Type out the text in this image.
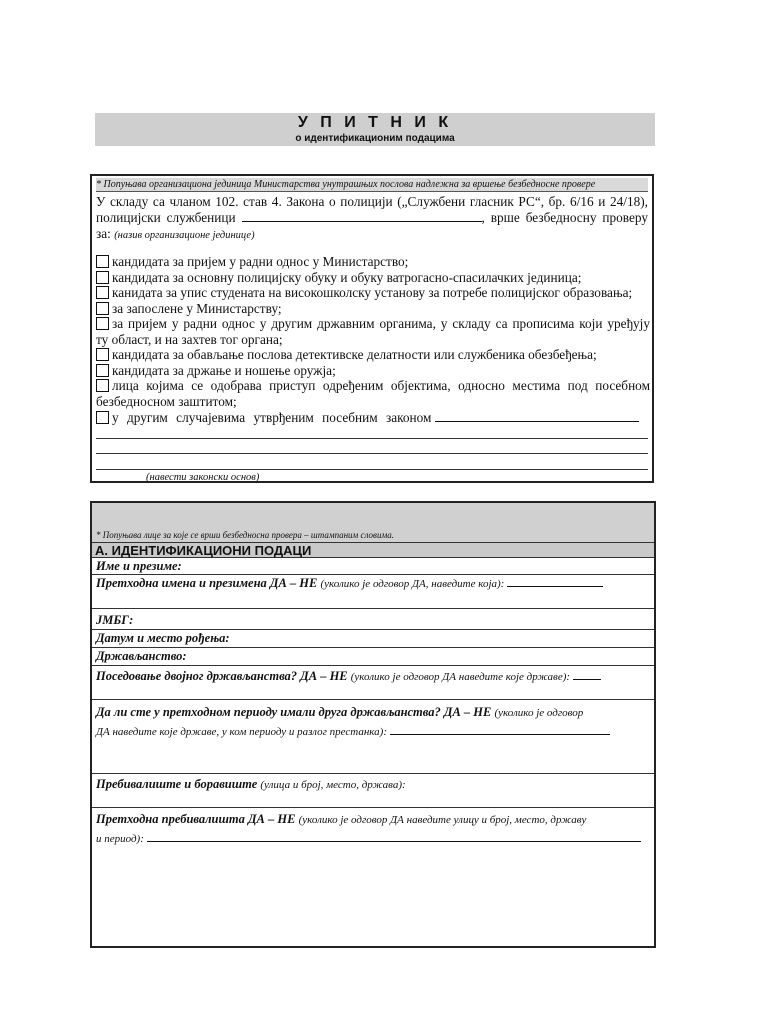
У П И Т Н И К
о идентификационим подацима
* Попуњава организациона јединица Министарства унутрашњих послова надлежна за вршење безбедносне провере
У складу са чланом 102. став 4. Закона о полицији („Службени гласник РС“, бр. 6/16 и 24/18),
полицијски службеници	, врше безбедносну проверу
за: (назив организационе јединице)
кандидата за пријем у радни однос у Министарство;
кандидата за основну полицијску обуку и обуку ватрогасно-спасилачких јединица;
канидата за упис студената на високошколску установу за потребе полицијског образовања;
за запослене у Министарству;
за пријем у радни однос у другим државним органима, у складу са прописима који уређују
ту област, и на захтев тог органа;
кандидата за обављање послова детективске делатности или службеника обезбеђења;
кандидата за држање и ношење оружја;
лица којима се одобрава приступ одређеним објектима, односно местима под посебном
безбедносном заштитом;
у другим случајевима утврђеним посебним законом
(навести законски основ)
* Попуњава лице за које се врши безбедносна провера – штампаним словима.
А. ИДЕНТИФИКАЦИОНИ ПОДАЦИ
Име и презиме:
Претходна имена и презимена ДА – НЕ (уколико је одговор ДА, наведите која):
ЈМБГ:
Датум и место рођења:
Држављанство:
Поседовање двојног држављанства? ДА – НЕ (уколико је одговор ДА наведите које државе):
Да ли сте у претходном периоду имали друга држављанства? ДА – НЕ (уколико је одговор
ДА наведите које државе, у ком периоду и разлог престанка):
Пребивалиште и боравиште (улица и број, место, држава):
Претходна пребивалишта ДА – НЕ (уколико је одговор ДА наведите улицу и број, место, државу
и период):
